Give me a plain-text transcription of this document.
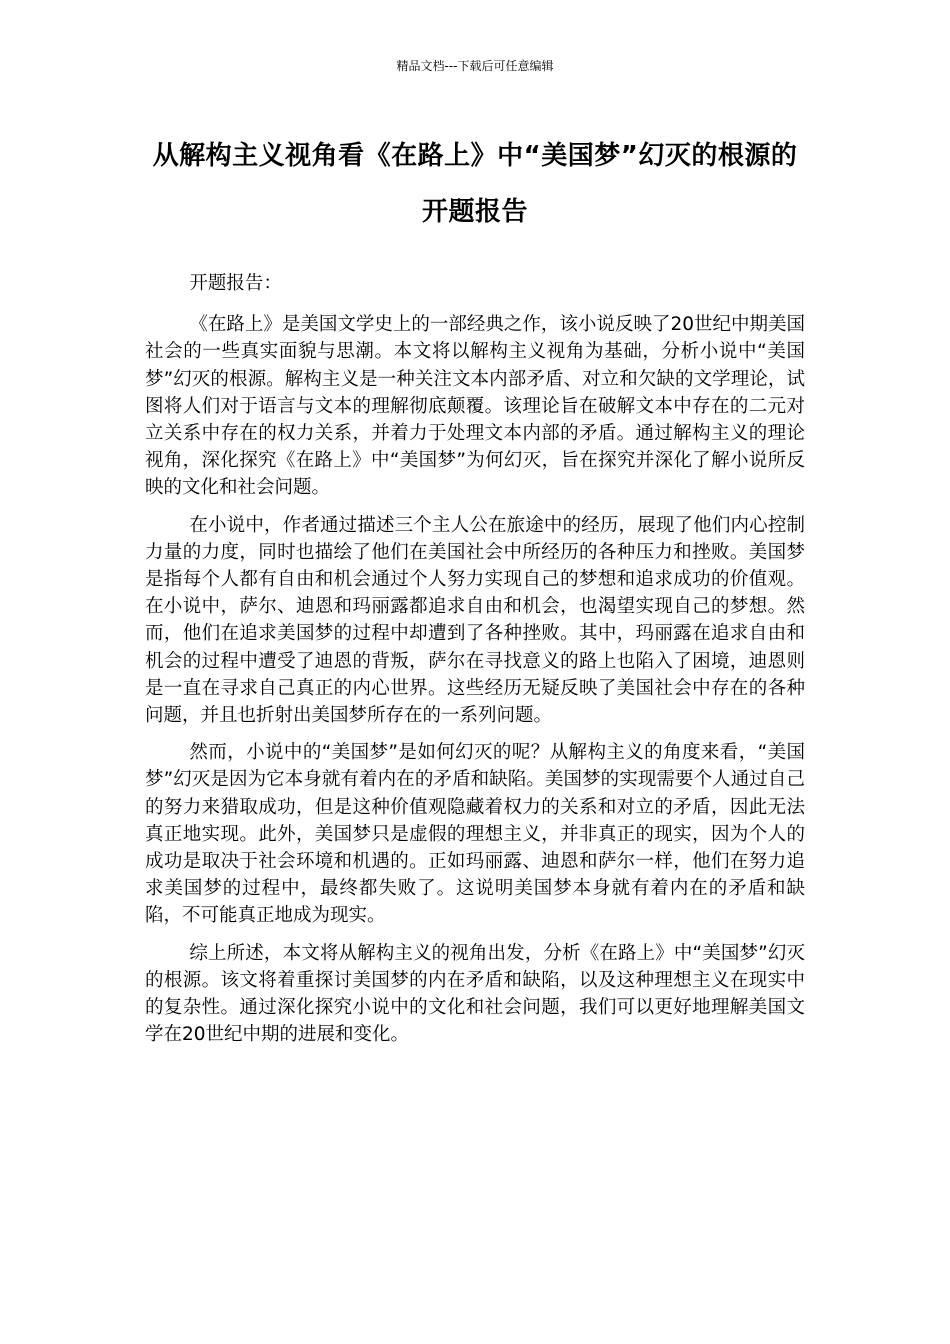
精品文档---下载后可任意编辑
从解构主义视角看《在路上》中“美国梦”幻灭的根源的开题报告

开题报告：

《在路上》是美国文学史上的一部经典之作，该小说反映了20世纪中期美国社会的一些真实面貌与思潮。本文将以解构主义视角为基础，分析小说中“美国梦”幻灭的根源。解构主义是一种关注文本内部矛盾、对立和欠缺的文学理论，试图将人们对于语言与文本的理解彻底颠覆。该理论旨在破解文本中存在的二元对立关系中存在的权力关系，并着力于处理文本内部的矛盾。通过解构主义的理论视角，深化探究《在路上》中“美国梦”为何幻灭，旨在探究并深化了解小说所反映的文化和社会问题。

在小说中，作者通过描述三个主人公在旅途中的经历，展现了他们内心控制力量的力度，同时也描绘了他们在美国社会中所经历的各种压力和挫败。美国梦是指每个人都有自由和机会通过个人努力实现自己的梦想和追求成功的价值观。在小说中，萨尔、迪恩和玛丽露都追求自由和机会，也渴望实现自己的梦想。然而，他们在追求美国梦的过程中却遭到了各种挫败。其中，玛丽露在追求自由和机会的过程中遭受了迪恩的背叛，萨尔在寻找意义的路上也陷入了困境，迪恩则是一直在寻求自己真正的内心世界。这些经历无疑反映了美国社会中存在的各种问题，并且也折射出美国梦所存在的一系列问题。

然而，小说中的“美国梦”是如何幻灭的呢？从解构主义的角度来看，“美国梦”幻灭是因为它本身就有着内在的矛盾和缺陷。美国梦的实现需要个人通过自己的努力来猎取成功，但是这种价值观隐藏着权力的关系和对立的矛盾，因此无法真正地实现。此外，美国梦只是虚假的理想主义，并非真正的现实，因为个人的成功是取决于社会环境和机遇的。正如玛丽露、迪恩和萨尔一样，他们在努力追求美国梦的过程中，最终都失败了。这说明美国梦本身就有着内在的矛盾和缺陷，不可能真正地成为现实。

综上所述，本文将从解构主义的视角出发，分析《在路上》中“美国梦”幻灭的根源。该文将着重探讨美国梦的内在矛盾和缺陷，以及这种理想主义在现实中的复杂性。通过深化探究小说中的文化和社会问题，我们可以更好地理解美国文学在20世纪中期的进展和变化。
